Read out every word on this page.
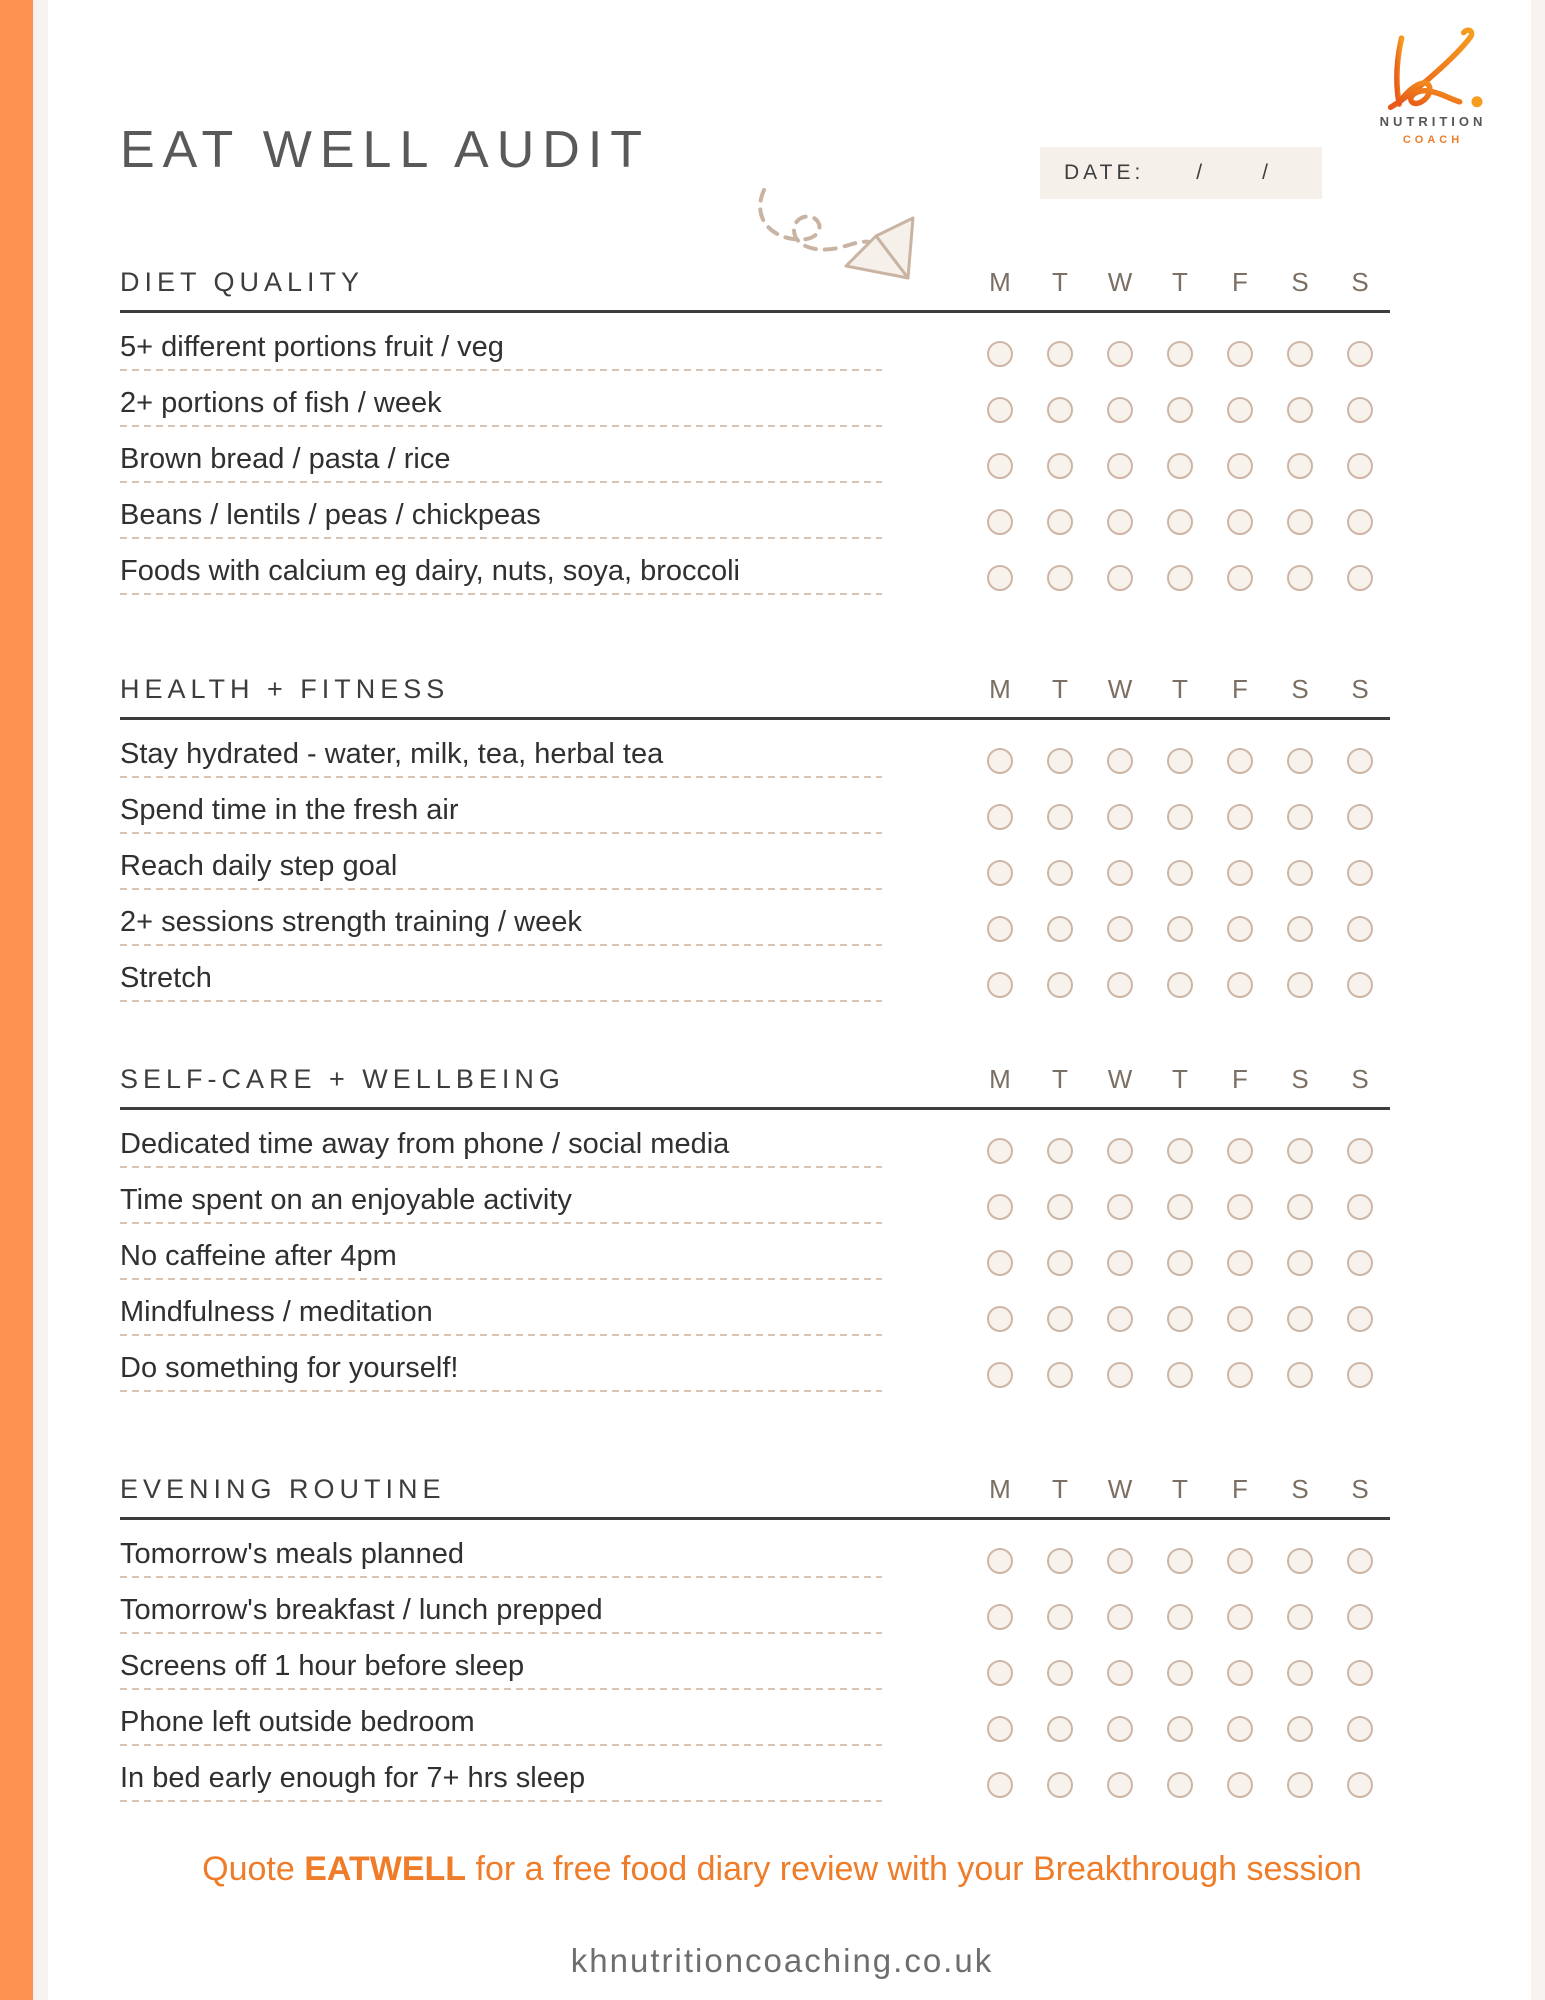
EAT WELL AUDIT	DATE: /	/
NUTRITION
COACH
DIET QUALITY	M	T	W	T	F	S	S
5+ different portions fruit / veg
2+ portions of fish / week
Brown bread / pasta / rice
Beans / lentils / peas / chickpeas
Foods with calcium eg dairy, nuts, soya, broccoli
HEALTH + FITNESS	M	T	W	T	F	S	S
Stay hydrated - water, milk, tea, herbal tea
Spend time in the fresh air
Reach daily step goal
2+ sessions strength training / week
Stretch
SELF-CARE + WELLBEING	M	T	W	T	F	S	S
Dedicated time away from phone / social media
Time spent on an enjoyable activity
No caffeine after 4pm
Mindfulness / meditation
Do something for yourself!
EVENING ROUTINE	M	T	W	T	F	S	S
Tomorrow's meals planned
Tomorrow's breakfast / lunch prepped
Screens off 1 hour before sleep
Phone left outside bedroom
In bed early enough for 7+ hrs sleep
Quote EATWELL for a free food diary review with your Breakthrough session
khnutritioncoaching.co.uk
